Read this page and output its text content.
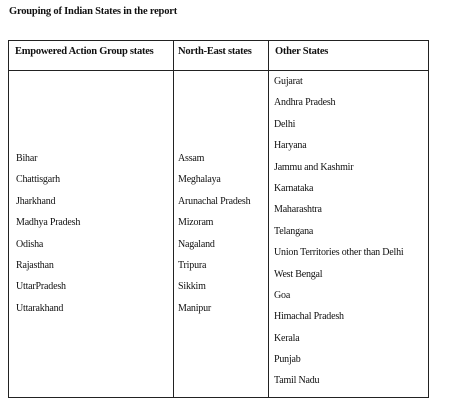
Grouping of Indian States in the report
Empowered Action Group states North-East states Other States
Bihar
Chattisgarh
Jharkhand
Madhya Pradesh
Odisha
Rajasthan
UttarPradesh
Uttarakhand
Assam
Meghalaya
Arunachal Pradesh
Mizoram
Nagaland
Tripura
Sikkim
Manipur
Gujarat
Andhra Pradesh
Delhi
Haryana
Jammu and Kashmir
Karnataka
Maharashtra
Telangana
Union Territories other than Delhi
West Bengal
Goa
Himachal Pradesh
Kerala
Punjab
Tamil Nadu
